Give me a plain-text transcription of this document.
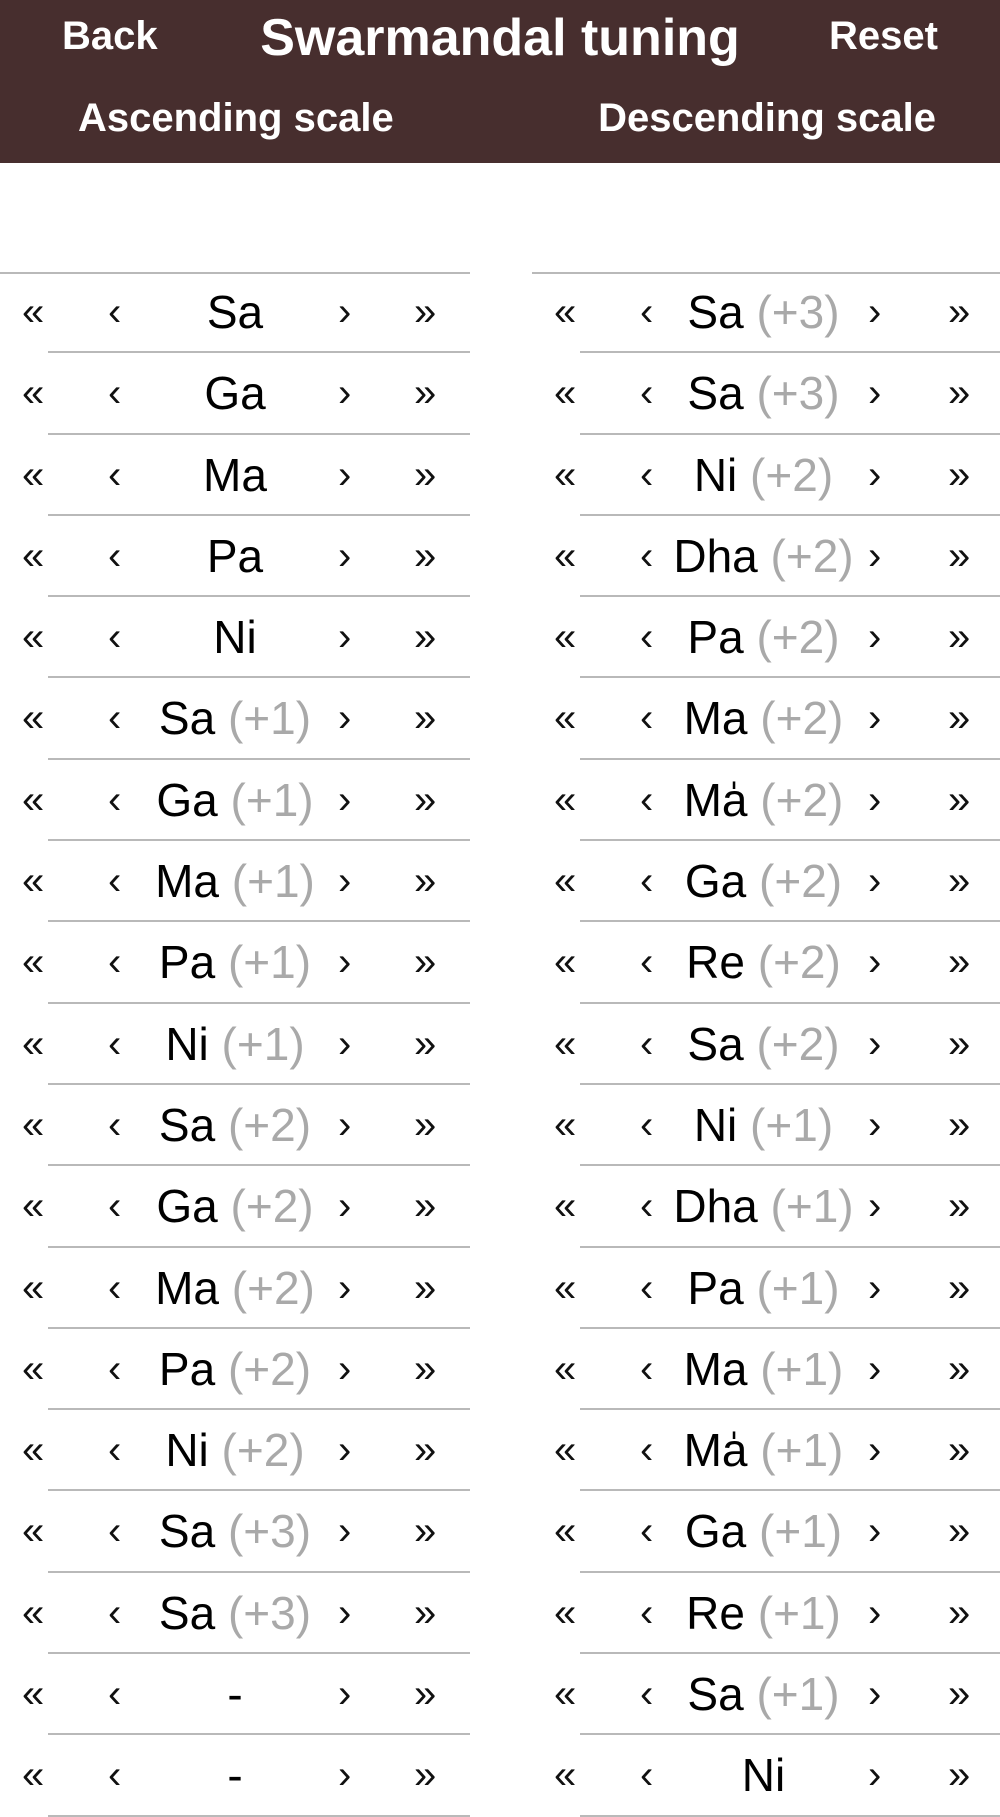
Back	Swarmandal tuning	Reset
Ascending scale	Descending scale
« ‹	Sa	› »
« ‹	Ga	› »
« ‹	Ma	› »
« ‹	Pa	› »
« ‹	Ni	› »
« ‹ Sa (+1) › »
« ‹ Ga (+1) › »
« ‹ Ma (+1) › »
« ‹ Pa (+1) › »
« ‹ Ni (+1) › »
« ‹ Sa (+2) › »
« ‹ Ga (+2) › »
« ‹ Ma (+2) › »
« ‹ Pa (+2) › »
« ‹ Ni (+2) › »
« ‹ Sa (+3) › »
« ‹ Sa (+3) › »
« ‹	-	› »
« ‹	-	› »
« ‹ Sa (+3) › »
« ‹ Sa (+3) › »
« ‹ Ni (+2) › »
« ‹ Dha (+2) › »
« ‹ Pa (+2) › »
« ‹ Ma (+2) › »
« ‹ Ma̍ (+2) › »
« ‹ Ga (+2) › »
« ‹ Re (+2) › »
« ‹ Sa (+2) › »
« ‹ Ni (+1) › »
« ‹ Dha (+1) › »
« ‹ Pa (+1) › »
« ‹ Ma (+1) › »
« ‹ Ma̍ (+1) › »
« ‹ Ga (+1) › »
« ‹ Re (+1) › »
« ‹ Sa (+1) › »
« ‹	Ni	› »
